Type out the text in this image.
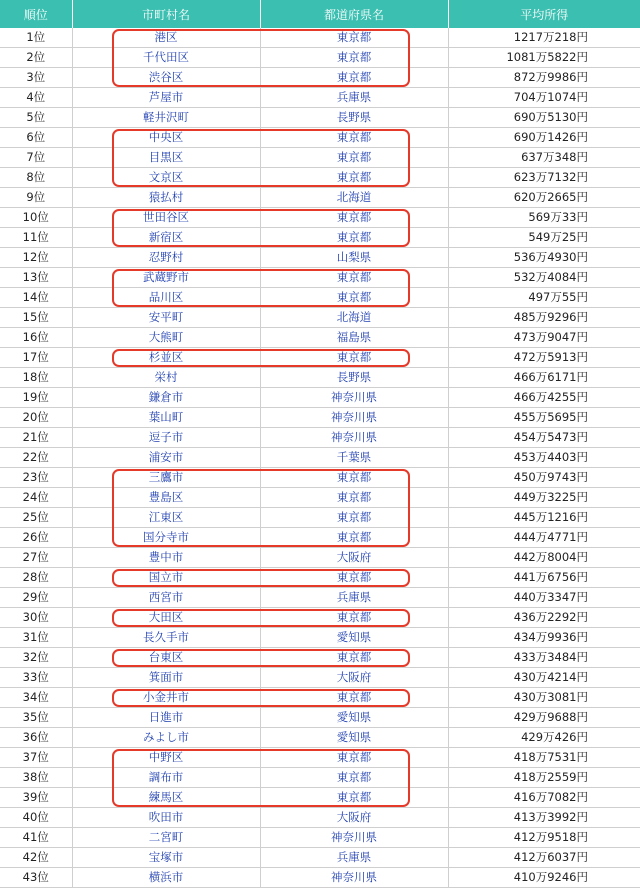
順位	市町村名	都道府県名	平均所得
1位	港区	東京都	1217万218円
2位	千代田区	東京都	1081万5822円
3位	渋谷区	東京都	872万9986円
4位	芦屋市	兵庫県	704万1074円
5位	軽井沢町	長野県	690万5130円
6位	中央区	東京都	690万1426円
7位	目黒区	東京都	637万348円
8位	文京区	東京都	623万7132円
9位	猿払村	北海道	620万2665円
10位	世田谷区	東京都	569万33円
11位	新宿区	東京都	549万25円
12位	忍野村	山梨県	536万4930円
13位	武蔵野市	東京都	532万4084円
14位	品川区	東京都	497万55円
15位	安平町	北海道	485万9296円
16位	大熊町	福島県	473万9047円
17位	杉並区	東京都	472万5913円
18位	栄村	長野県	466万6171円
19位	鎌倉市	神奈川県	466万4255円
20位	葉山町	神奈川県	455万5695円
21位	逗子市	神奈川県	454万5473円
22位	浦安市	千葉県	453万4403円
23位	三鷹市	東京都	450万9743円
24位	豊島区	東京都	449万3225円
25位	江東区	東京都	445万1216円
26位	国分寺市	東京都	444万4771円
27位	豊中市	大阪府	442万8004円
28位	国立市	東京都	441万6756円
29位	西宮市	兵庫県	440万3347円
30位	大田区	東京都	436万2292円
31位	長久手市	愛知県	434万9936円
32位	台東区	東京都	433万3484円
33位	箕面市	大阪府	430万4214円
34位	小金井市	東京都	430万3081円
35位	日進市	愛知県	429万9688円
36位	みよし市	愛知県	429万426円
37位	中野区	東京都	418万7531円
38位	調布市	東京都	418万2559円
39位	練馬区	東京都	416万7082円
40位	吹田市	大阪府	413万3992円
41位	二宮町	神奈川県	412万9518円
42位	宝塚市	兵庫県	412万6037円
43位	横浜市	神奈川県	410万9246円
